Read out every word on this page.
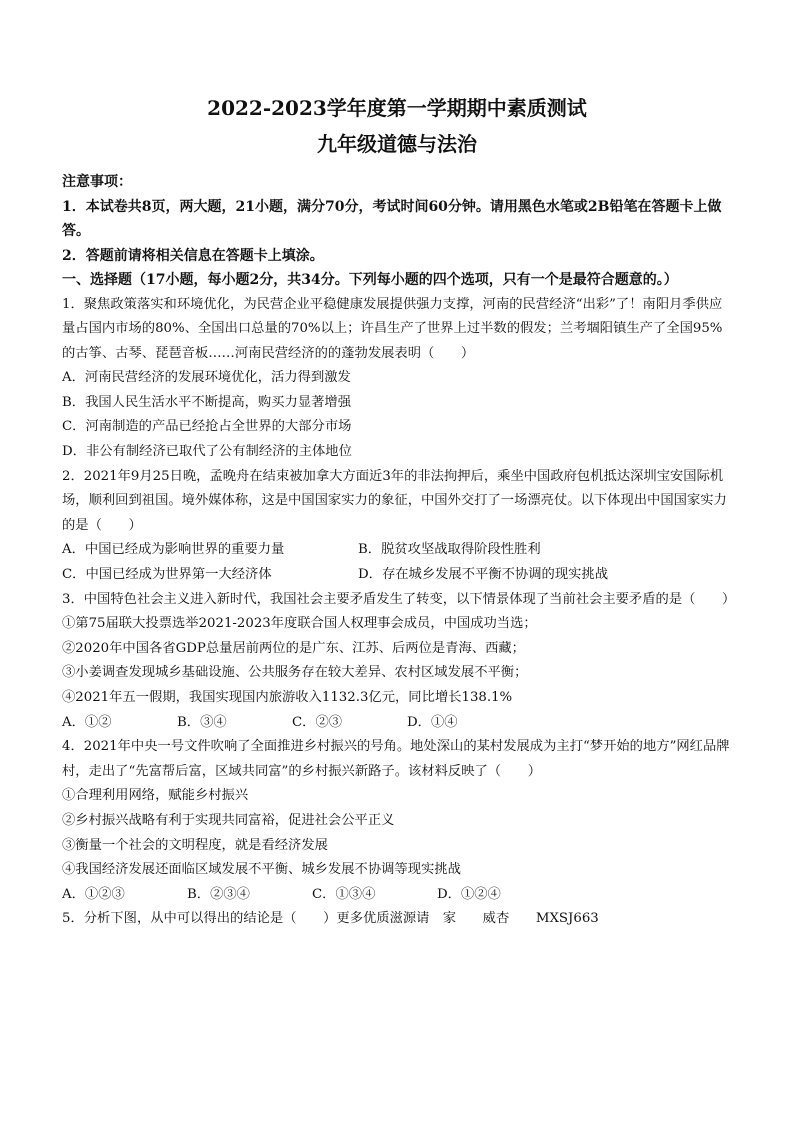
2022-2023学年度第一学期期中素质测试
九年级道德与法治
注意事项：
1．本试卷共8页，两大题，21小题，满分70分，考试时间60分钟。请用黑色水笔或2B铅笔在答题卡上做答。
2．答题前请将相关信息在答题卡上填涂。
一、选择题（17小题，每小题2分，共34分。下列每小题的四个选项，只有一个是最符合题意的。）

1．聚焦政策落实和环境优化，为民营企业平稳健康发展提供强力支撑，河南的民营经济“出彩”了！南阳月季供应量占国内市场的80%、全国出口总量的70%以上；许昌生产了世界上过半数的假发；兰考堌阳镇生产了全国95%的古筝、古琴、琵琶音板……河南民营经济的的蓬勃发展表明（　　）

A．河南民营经济的发展环境优化，活力得到激发

B．我国人民生活水平不断提高，购买力显著增强

C．河南制造的产品已经抢占全世界的大部分市场

D．非公有制经济已取代了公有制经济的主体地位

2．2021年9月25日晚，孟晚舟在结束被加拿大方面近3年的非法拘押后，乘坐中国政府包机抵达深圳宝安国际机场，顺利回到祖国。境外媒体称，这是中国国家实力的象征，中国外交打了一场漂亮仗。以下体现出中国国家实力的是（　　）

A．中国已经成为影响世界的重要力量	B．脱贫攻坚战取得阶段性胜利
C．中国已经成为世界第一大经济体	D．存在城乡发展不平衡不协调的现实挑战

3．中国特色社会主义进入新时代，我国社会主要矛盾发生了转变，以下情景体现了当前社会主要矛盾的是（　　）

①第75届联大投票选举2021-2023年度联合国人权理事会成员，中国成功当选；

②2020年中国各省GDP总量居前两位的是广东、江苏、后两位是青海、西藏；

③小姜调查发现城乡基础设施、公共服务存在较大差异、农村区域发展不平衡；

④2021年五一假期，我国实现国内旅游收入1132.3亿元，同比增长138.1%

A．①②	B．③④	C．②③	D．①④

4．2021年中央一号文件吹响了全面推进乡村振兴的号角。地处深山的某村发展成为主打“梦开始的地方”网红品牌村，走出了“先富帮后富，区域共同富”的乡村振兴新路子。该材料反映了（　　）

①合理利用网络，赋能乡村振兴

②乡村振兴战略有利于实现共同富裕，促进社会公平正义

③衡量一个社会的文明程度，就是看经济发展

④我国经济发展还面临区域发展不平衡、城乡发展不协调等现实挑战

A．①②③	B．②③④	C．①③④	D．①②④

5．分析下图，从中可以得出的结论是（　　）更多优质滋源请　家　　威杏　　MXSJ663
